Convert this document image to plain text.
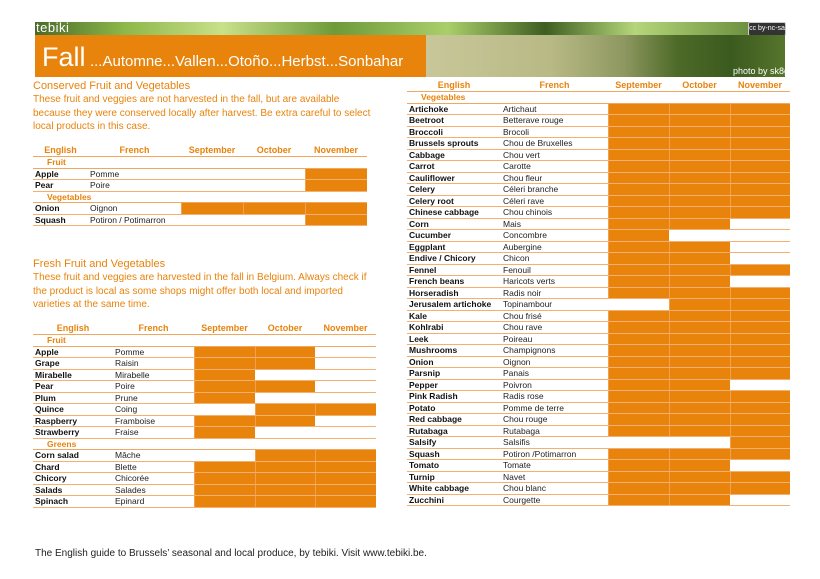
tebiki	cc by-nc-sa
Fall ...Automne...Vallen...Otoño...Herbst...Sonbahar
photo by sk8geek
Conserved Fruit and Vegetables
These fruit and veggies are not harvested in the fall, but are available because they were conserved locally after harvest. Be extra careful to select local products in this case.
English	French	September	October	November
Fruit				
Apple	Pomme			
Pear	Poire			
Vegetables				
Onion	Oignon			
Squash	Potiron / Potimarron			
Fresh Fruit and Vegetables
These fruit and veggies are harvested in the fall in Belgium. Always check if the product is local as some shops might offer both local and imported varieties at the same time.
English	French	September	October	November
Fruit				
Apple	Pomme			
Grape	Raisin			
Mirabelle	Mirabelle			
Pear	Poire			
Plum	Prune			
Quince	Coing			
Raspberry	Framboise			
Strawberry	Fraise			
Greens				
Corn salad	Mâche			
Chard	Blette			
Chicory	Chicorée			
Salads	Salades			
Spinach	Epinard			
English	French	September	October	November
Vegetables				
Artichoke	Artichaut			
Beetroot	Betterave rouge			
Broccoli	Brocoli			
Brussels sprouts	Chou de Bruxelles			
Cabbage	Chou vert			
Carrot	Carotte			
Cauliflower	Chou fleur			
Celery	Céleri branche			
Celery root	Céleri rave			
Chinese cabbage	Chou chinois			
Corn	Mais			
Cucumber	Concombre			
Eggplant	Aubergine			
Endive / Chicory	Chicon			
Fennel	Fenouil			
French beans	Haricots verts			
Horseradish	Radis noir			
Jerusalem artichoke	Topinambour			
Kale	Chou frisé			
Kohlrabi	Chou rave			
Leek	Poireau			
Mushrooms	Champignons			
Onion	Oignon			
Parsnip	Panais			
Pepper	Poivron			
Pink Radish	Radis rose			
Potato	Pomme de terre			
Red cabbage	Chou rouge			
Rutabaga	Rutabaga			
Salsify	Salsifis			
Squash	Potiron /Potimarron			
Tomato	Tomate			
Turnip	Navet			
White cabbage	Chou blanc			
Zucchini	Courgette			
The English guide to Brussels’ seasonal and local produce, by tebiki. Visit www.tebiki.be.
